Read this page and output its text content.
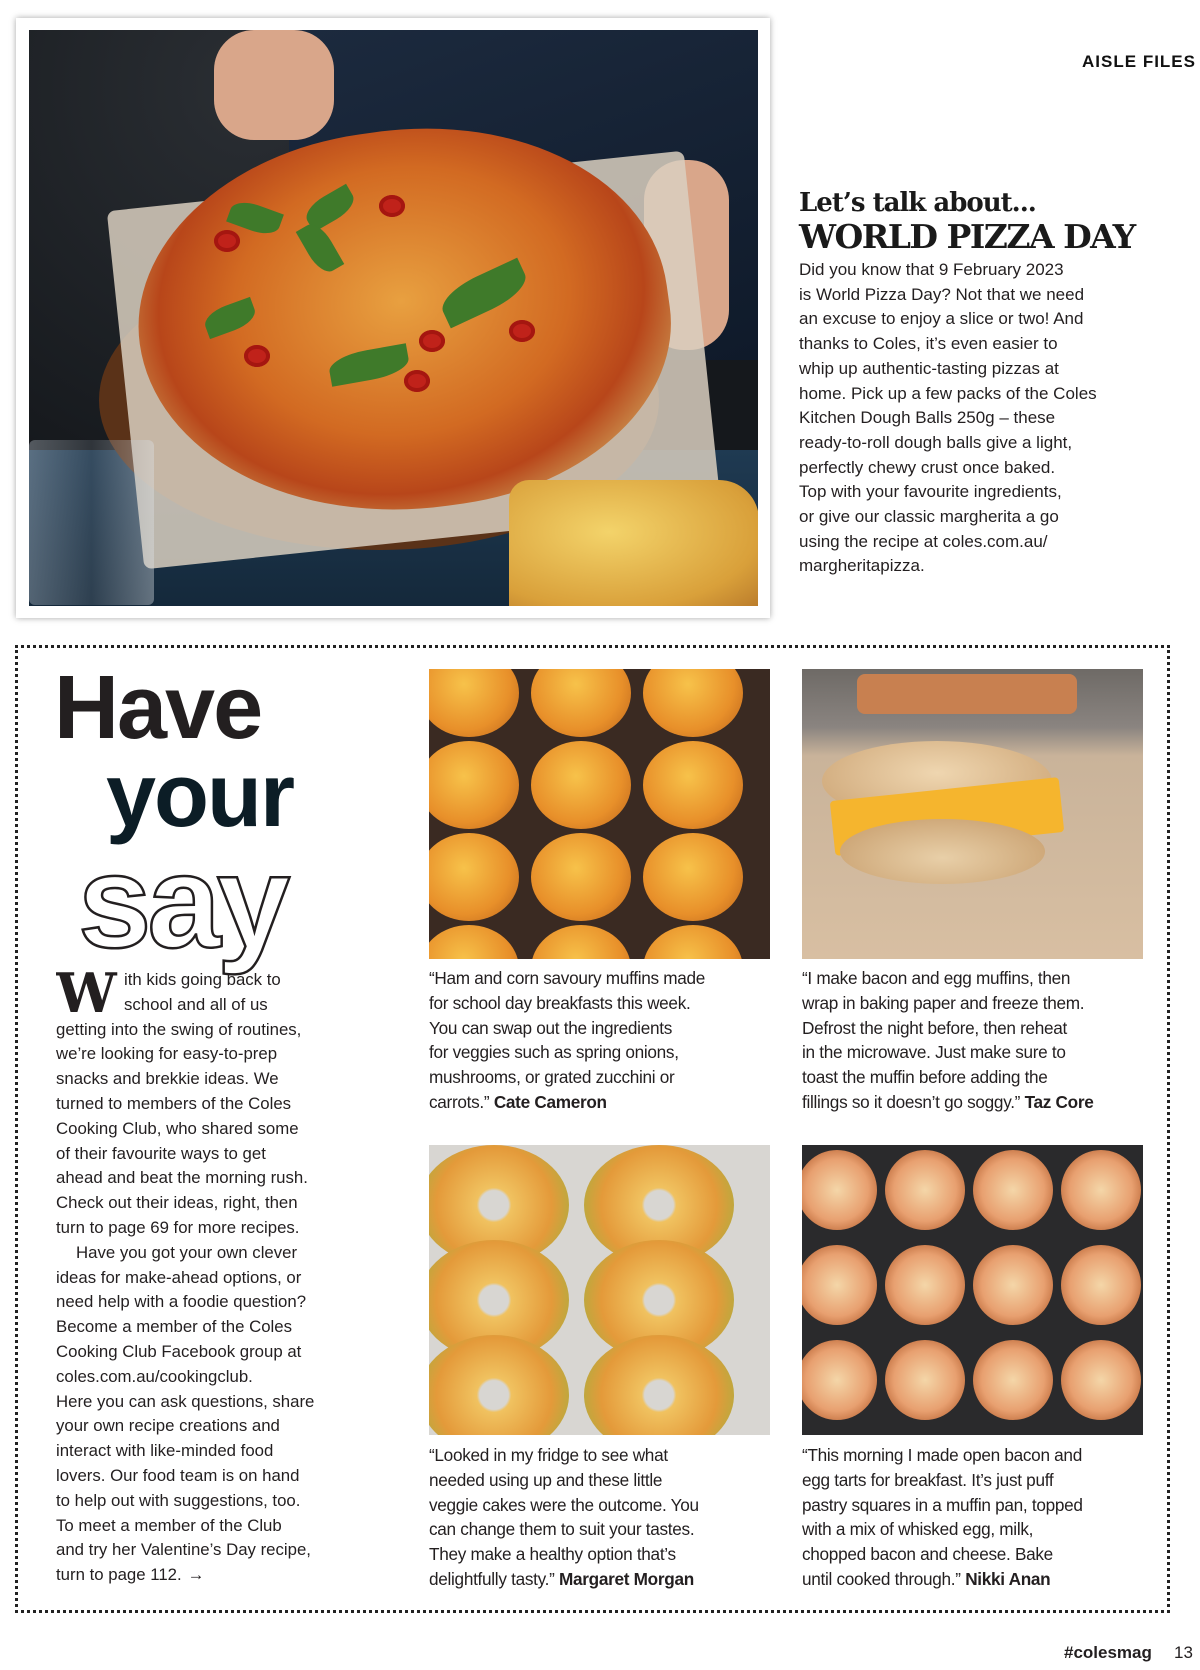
AISLE FILES
Let’s talk about...
WORLD PIZZA DAY
Did you know that 9 February 2023
is World Pizza Day? Not that we need
an excuse to enjoy a slice or two! And
thanks to Coles, it’s even easier to
whip up authentic-tasting pizzas at
home. Pick up a few packs of the Coles
Kitchen Dough Balls 250g – these
ready-to-roll dough balls give a light,
perfectly chewy crust once baked.
Top with your favourite ingredients,
or give our classic margherita a go
using the recipe at coles.com.au/
margheritapizza.
Have
your
say
W ith kids going back to
school and all of us
getting into the swing of routines,
we’re looking for easy-to-prep
snacks and brekkie ideas. We
turned to members of the Coles
Cooking Club, who shared some
of their favourite ways to get
ahead and beat the morning rush.
Check out their ideas, right, then
turn to page 69 for more recipes.
Have you got your own clever
ideas for make-ahead options, or
need help with a foodie question?
Become a member of the Coles
Cooking Club Facebook group at
coles.com.au/cookingclub.
Here you can ask questions, share
your own recipe creations and
interact with like-minded food
lovers. Our food team is on hand
to help out with suggestions, too.
To meet a member of the Club
and try her Valentine’s Day recipe,
turn to page 112. →
“Ham and corn savoury muffins made
for school day breakfasts this week.
You can swap out the ingredients
for veggies such as spring onions,
mushrooms, or grated zucchini or
carrots.” Cate Cameron
“I make bacon and egg muffins, then
wrap in baking paper and freeze them.
Defrost the night before, then reheat
in the microwave. Just make sure to
toast the muffin before adding the
fillings so it doesn’t go soggy.” Taz Core
“Looked in my fridge to see what
needed using up and these little
veggie cakes were the outcome. You
can change them to suit your tastes.
They make a healthy option that’s
delightfully tasty.” Margaret Morgan
“This morning I made open bacon and
egg tarts for breakfast. It’s just puff
pastry squares in a muffin pan, topped
with a mix of whisked egg, milk,
chopped bacon and cheese. Bake
until cooked through.” Nikki Anan
#colesmag 13
